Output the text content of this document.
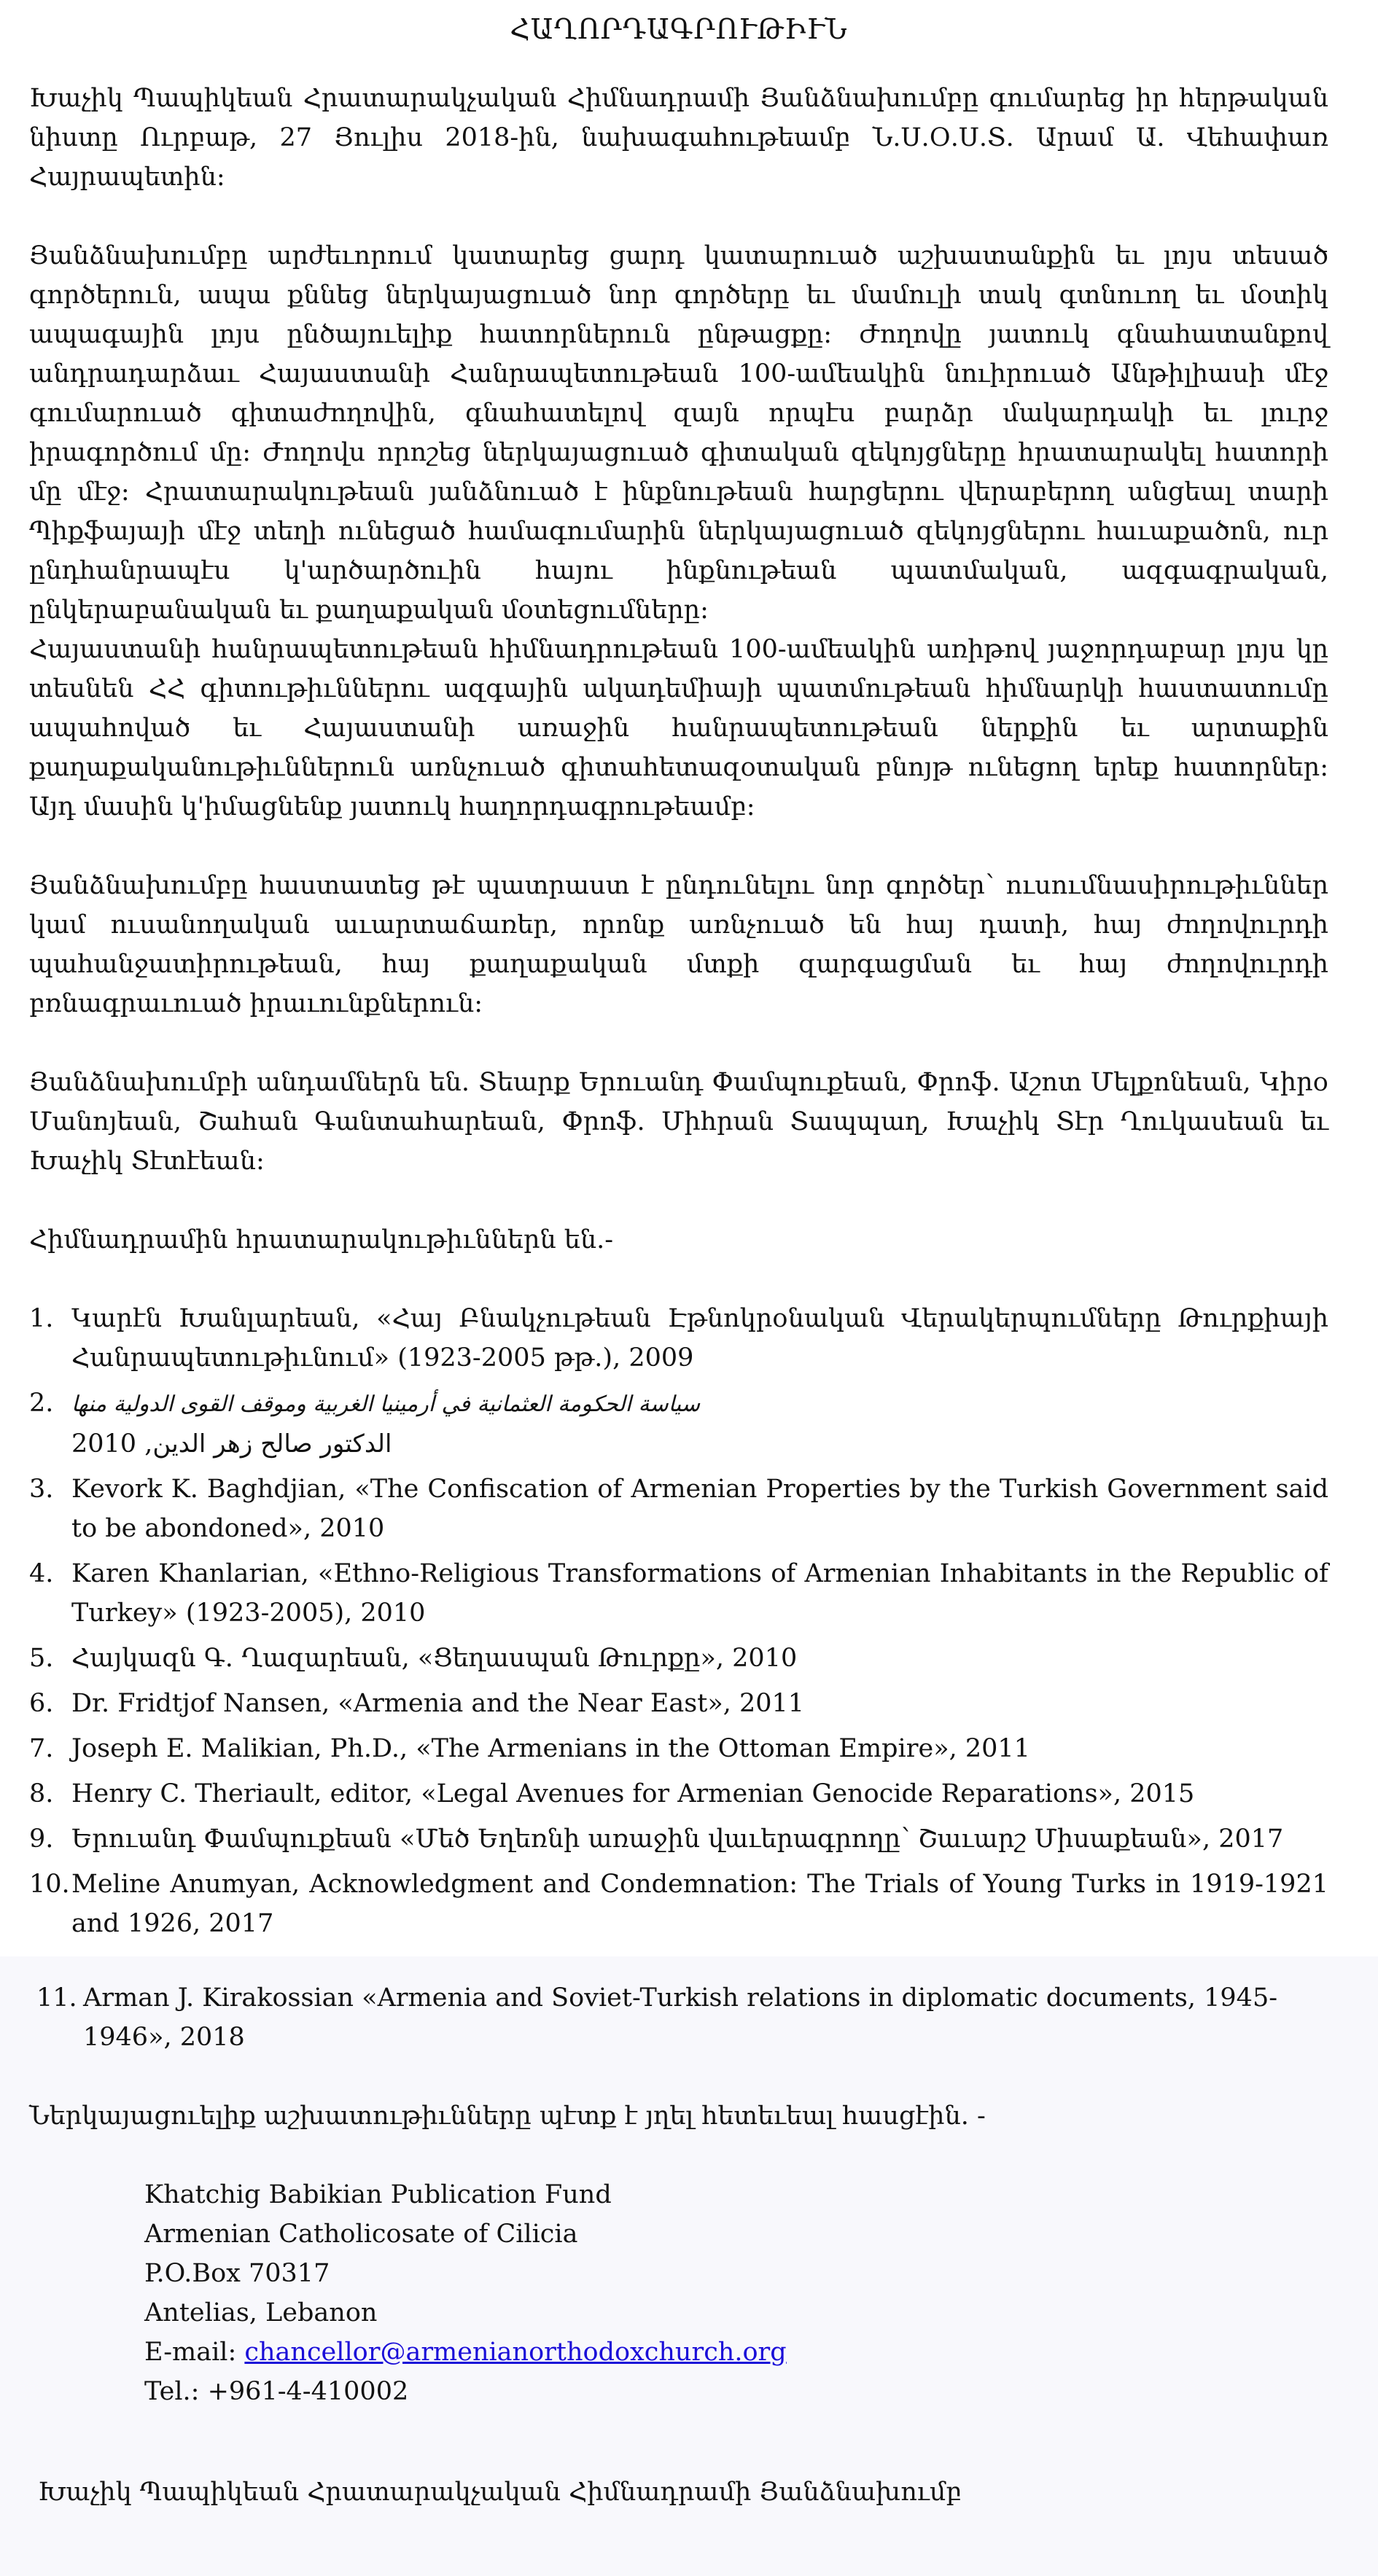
ՀԱՂՈՐԴԱԳՐՈՒԹԻՒՆ

Խաչիկ Պապիկեան Հրատարակչական Հիմնադրամի Յանձնախումբը գումարեց իր հերթական նիստը Ուրբաթ, 27 Յուլիս 2018-ին, նախագահութեամբ Ն.Ս.Օ.Ս.Տ. Արամ Ա. Վեհափառ Հայրապետին:

Յանձնախումբը արժեւորում կատարեց ցարդ կատարուած աշխատանքին եւ լոյս տեսած գործերուն, ապա քննեց ներկայացուած նոր գործերը եւ մամուլի տակ գտնուող եւ մօտիկ ապագային լոյս ընծայուելիք հատորներուն ընթացքը: Ժողովը յատուկ գնահատանքով անդրադարձաւ Հայաստանի Հանրապետութեան 100-ամեակին նուիրուած Անթիլիասի մէջ գումարուած գիտաժողովին, գնահատելով զայն որպէս բարձր մակարդակի եւ լուրջ իրագործում մը: Ժողովս որոշեց ներկայացուած գիտական զեկոյցները հրատարակել հատորի մը մէջ: Հրատարակութեան յանձնուած է ինքնութեան հարցերու վերաբերող անցեալ տարի Պիքֆայայի մէջ տեղի ունեցած համագումարին ներկայացուած զեկոյցներու հաւաքածոն, ուր ընդհանրապէս կ'արծարծուին հայու ինքնութեան պատմական, ազգագրական, ընկերաբանական եւ քաղաքական մօտեցումները:

Հայաստանի հանրապետութեան հիմնադրութեան 100-ամեակին առիթով յաջորդաբար լոյս կը տեսնեն ՀՀ գիտութիւններու ազգային ակադեմիայի պատմութեան հիմնարկի հաստատումը ապահոված եւ Հայաստանի առաջին հանրապետութեան ներքին եւ արտաքին քաղաքականութիւններուն առնչուած գիտահետազօտական բնոյթ ունեցող երեք հատորներ: Այդ մասին կ'իմացնենք յատուկ հաղորդագրութեամբ:

Յանձնախումբը հաստատեց թէ պատրաստ է ընդունելու նոր գործեր՝ ուսումնասիրութիւններ կամ ուսանողական աւարտաճառեր, որոնք առնչուած են հայ դատի, հայ ժողովուրդի պահանջատիրութեան, հայ քաղաքական մտքի զարգացման եւ հայ ժողովուրդի բռնագրաւուած իրաւունքներուն:

Յանձնախումբի անդամներն են. Տեարք Երուանդ Փամպուքեան, Փրոֆ. Աշոտ Մելքոնեան, Կիրօ Մանոյեան, Շահան Գանտահարեան, Փրոֆ. Միհրան Տապպաղ, Խաչիկ Տէր Ղուկասեան եւ Խաչիկ Տէտէեան:

Հիմնադրամին հրատարակութիւններն են.-

1. Կարէն Խանլարեան, «Հայ Բնակչութեան Էթնոկրօնական Վերակերպումները Թուրքիայի Հանրապետութիւնում» (1923-2005 թթ.), 2009
2. سياسة الحكومة العثمانية في أرمينيا الغربية وموقف القوى الدولية منها
الدكتور صالح زهر الدين, 2010
3. Kevork K. Baghdjian, «The Confiscation of Armenian Properties by the Turkish Government said to be abondoned», 2010
4. Karen Khanlarian, «Ethno-Religious Transformations of Armenian Inhabitants in the Republic of Turkey» (1923-2005), 2010
5. Հայկազն Գ. Ղազարեան, «Ցեղասպան Թուրքը», 2010
6. Dr. Fridtjof Nansen, «Armenia and the Near East», 2011
7. Joseph E. Malikian, Ph.D., «The Armenians in the Ottoman Empire», 2011
8. Henry C. Theriault, editor, «Legal Avenues for Armenian Genocide Reparations», 2015
9. Երուանդ Փամպուքեան «Մեծ Եղեռնի առաջին վաւերագրողը՝ Շաւարշ Միսաքեան», 2017
10. Meline Anumyan, Acknowledgment and Condemnation: The Trials of Young Turks in 1919-1921 and 1926, 2017
11. Arman J. Kirakossian «Armenia and Soviet-Turkish relations in diplomatic documents, 1945-1946», 2018

Ներկայացուելիք աշխատութիւնները պէտք է յղել հետեւեալ հասցէին. -

Khatchig Babikian Publication Fund
Armenian Catholicosate of Cilicia
P.O.Box 70317
Antelias, Lebanon
E-mail: chancellor@armenianorthodoxchurch.org
Tel.: +961-4-410002
Խաչիկ Պապիկեան Հրատարակչական Հիմնադրամի Յանձնախումբ
